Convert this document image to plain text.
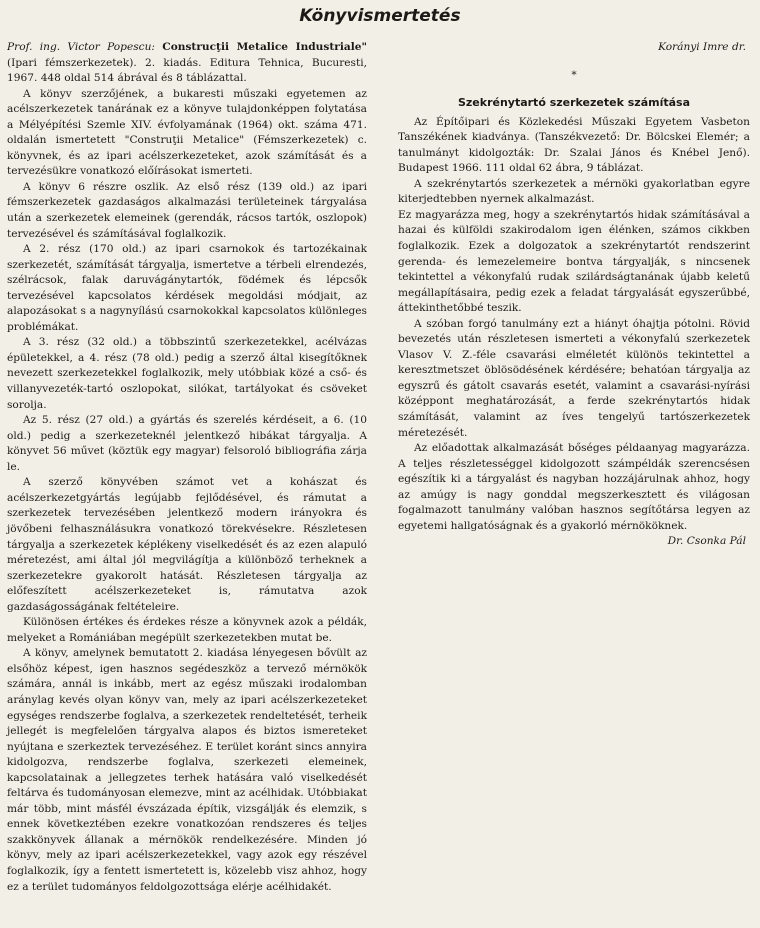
Könyvismertetés

Prof. ing. Victor Popescu: Construcţii Metalice Industriale" (Ipari fémszerkezetek). 2. kiadás. Editura Tehnica, Bucuresti, 1967. 448 oldal 514 ábrával és 8 táblázattal.

A könyv szerzőjének, a bukaresti műszaki egyetemen az acélszerkezetek tanárának ez a könyve tulajdonképpen folytatása a Mélyépítési Szemle XIV. évfolyamának (1964) okt. száma 471. oldalán ismertetett "Construţii Metalice" (Fémszerkezetek) c. könyvnek, és az ipari acélszerkezeteket, azok számítását és a tervezésükre vonatkozó előírásokat ismerteti.

A könyv 6 részre oszlik. Az első rész (139 old.) az ipari fémszerkezetek gazdaságos alkalmazási területeinek tárgyalása után a szerkezetek elemeinek (gerendák, rácsos tartók, oszlopok) tervezésével és számításával foglalkozik.

A 2. rész (170 old.) az ipari csarnokok és tartozékainak szerkezetét, számítását tárgyalja, ismertetve a térbeli elrendezés, szélrácsok, falak daruvágánytartók, födémek és lépcsők tervezésével kapcsolatos kérdések megoldási módjait, az alapozásokat s a nagynyílású csarnokokkal kapcsolatos különleges problémákat.

A 3. rész (32 old.) a többszintű szerkezetekkel, acélvázas épületekkel, a 4. rész (78 old.) pedig a szerző által kisegítőknek nevezett szerkezetekkel foglalkozik, mely utóbbiak közé a cső- és villanyvezeték-tartó oszlopokat, silókat, tartályokat és csöveket sorolja.

Az 5. rész (27 old.) a gyártás és szerelés kérdéseit, a 6. (10 old.) pedig a szerkezeteknél jelentkező hibákat tárgyalja. A könyvet 56 művet (köztük egy magyar) felsoroló bibliográfia zárja le.

A szerző könyvében számot vet a kohászat és acélszerkezetgyártás legújabb fejlődésével, és rámutat a szerkezetek tervezésében jelentkező modern irányokra és jövőbeni felhasználásukra vonatkozó törekvésekre. Részletesen tárgyalja a szerkezetek képlékeny viselkedését és az ezen alapuló méretezést, ami által jól megvilágítja a különböző terheknek a szerkezetekre gyakorolt hatását. Részletesen tárgyalja az előfeszített acélszerkezeteket is, rámutatva azok gazdaságosságának feltételeire.

Különösen értékes és érdekes része a könyvnek azok a példák, melyeket a Romániában megépült szerkezetekben mutat be.

A könyv, amelynek bemutatott 2. kiadása lényegesen bővült az elsőhöz képest, igen hasznos segédeszköz a tervező mérnökök számára, annál is inkább, mert az egész műszaki irodalomban aránylag kevés olyan könyv van, mely az ipari acélszerkezeteket egységes rendszerbe foglalva, a szerkezetek rendeltetését, terheik jellegét is megfelelően tárgyalva alapos és biztos ismereteket nyújtana e szerkeztek tervezéséhez. E terület koránt sincs annyira kidolgozva, rendszerbe foglalva, szerkezeti elemeinek, kapcsolatainak a jellegzetes terhek hatására való viselkedését feltárva és tudományosan elemezve, mint az acélhidak. Utóbbiakat már több, mint másfél évszázada építik, vizsgálják és elemzik, s ennek következtében ezekre vonatkozóan rendszeres és teljes szakkönyvek állanak a mérnökök rendelkezésére. Minden jó könyv, mely az ipari acélszerkezetekkel, vagy azok egy részével foglalkozik, így a fentett ismertetett is, közelebb visz ahhoz, hogy ez a terület tudományos feldolgozottsága elérje acélhidakét.

Korányi Imre dr.

*
Szekrénytartó szerkezetek számítása

Az Építőipari és Közlekedési Műszaki Egyetem Vasbeton Tanszékének kiadványa. (Tanszékvezető: Dr. Bölcskei Elemér; a tanulmányt kidolgozták: Dr. Szalai János és Knébel Jenő). Budapest 1966. 111 oldal 62 ábra, 9 táblázat.

A szekrénytartós szerkezetek a mérnöki gyakorlatban egyre kiterjedtebben nyernek alkalmazást.

Ez magyarázza meg, hogy a szekrénytartós hidak számításával a hazai és külföldi szakirodalom igen élénken, számos cikkben foglalkozik. Ezek a dolgozatok a szekrénytartót rendszerint gerenda- és lemezelemeire bontva tárgyalják, s nincsenek tekintettel a vékonyfalú rudak szilárdságtanának újabb keletű megállapításaira, pedig ezek a feladat tárgyalását egyszerűbbé, áttekinthetőbbé teszik.

A szóban forgó tanulmány ezt a hiányt óhajtja pótolni. Rövid bevezetés után részletesen ismerteti a vékonyfalú szerkezetek Vlasov V. Z.-féle csavarási elméletét különös tekintettel a keresztmetszet öblösödésének kérdésére; behatóan tárgyalja az egyszrű és gátolt csavarás esetét, valamint a csavarási-nyírási középpont meghatározását, a ferde szekrénytartós hidak számítását, valamint az íves tengelyű tartószerkezetek méretezését.

Az előadottak alkalmazását bőséges példaanyag magyarázza. A teljes részletességgel kidolgozott számpéldák szerencsésen egészítik ki a tárgyalást és nagyban hozzájárulnak ahhoz, hogy az amúgy is nagy gonddal megszerkesztett és világosan fogalmazott tanulmány valóban hasznos segítőtársa legyen az egyetemi hallgatóságnak és a gyakorló mérnököknek.

Dr. Csonka Pál
